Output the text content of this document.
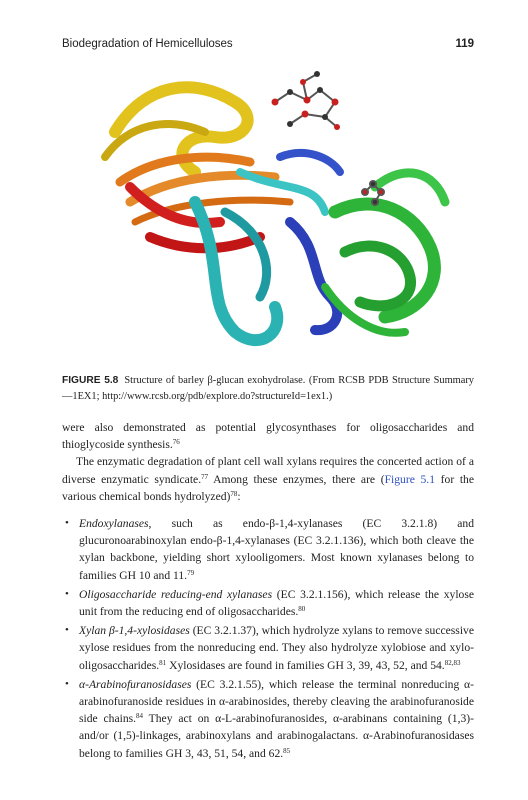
Biodegradation of Hemicelluloses	119
FIGURE 5.8 Structure of barley β-glucan exohydrolase. (From RCSB PDB Structure Summary—1EX1; http://www.rcsb.org/pdb/explore.do?structureId=1ex1.)

were also demonstrated as potential glycosynthases for oligosaccharides and thioglycoside synthesis.$^{76}$

The enzymatic degradation of plant cell wall xylans requires the concerted action of a diverse enzymatic syndicate.$^{77}$ Among these enzymes, there are (Figure 5.1 for the various chemical bonds hydrolyzed)$^{78}$:

• Endoxylanases, such as endo-β-1,4-xylanases (EC 3.2.1.8) and glucuronoarabinoxylan endo-β-1,4-xylanases (EC 3.2.1.136), which both cleave the xylan backbone, yielding short xylooligomers. Most known xylanases belong to families GH 10 and 11.79
• Oligosaccharide reducing-end xylanases (EC 3.2.1.156), which release the xylose unit from the reducing end of oligosaccharides.$^{80}$
• Xylan β-1,4-xylosidases (EC 3.2.1.37), which hydrolyze xylans to remove successive xylose residues from the nonreducing end. They also hydrolyze xylobiose and xylo-oligosaccharides.$^{81}$ Xylosidases are found in families GH 3, 39, 43, 52, and 54.$^{82,83}$
• α-Arabinofuranosidases (EC 3.2.1.55), which release the terminal nonreducing α-arabinofuranoside residues in α-arabinosides, thereby cleaving the arabinofuranoside side chains.$^{84}$ They act on α-L-arabinofuranosides, α-arabinans containing (1,3)- and/or (1,5)-linkages, arabinoxylans and arabinogalactans. α-Arabinofuranosidases belong to families GH 3, 43, 51, 54, and 62.85
